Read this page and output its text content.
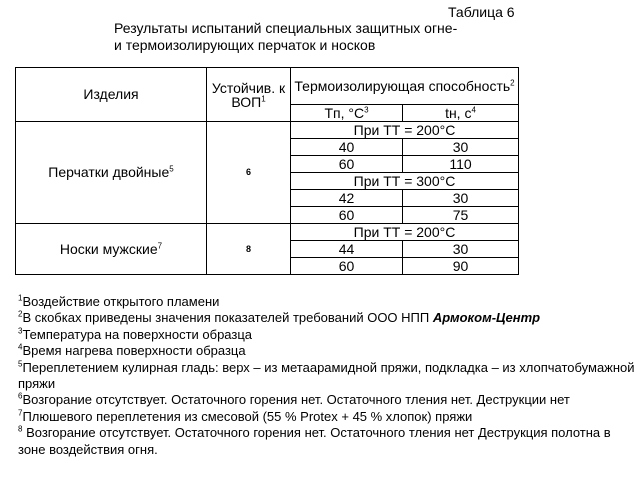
Таблица 6
Результаты испытаний специальных защитных огне-
и термоизолирующих перчаток и носков
Изделия	Устойчив. к ВОП$^1$	Термоизолирующая способность$^2$
		Tп, $^\circ C^3$	tн, $с^4$
Перчатки двойные$^5$	6	При ТТ = 200°С	
		40	30
		60	110
		При ТТ = 300°С	
		42	30
		60	75
Носки мужские$^7$	8	При ТТ = 200°С	
		44	30
		60	90

$^1$Воздействие открытого пламени

$^2$В скобках приведены значения показателей требований ООО НПП Армоком-Центр

$^3$Температура на поверхности образца

$^4$Время нагрева поверхности образца

$^5$Переплетением кулирная гладь: верх – из метаарамидной пряжи, подкладка – из хлопчатобумажной пряжи

$^6$Возгорание отсутствует. Остаточного горения нет. Остаточного тления нет. Деструкции нет

$^7$Плюшевого переплетения из смесовой (55 % Protex + 45 % хлопок) пряжи

$^8$ Возгорание отсутствует. Остаточного горения нет. Остаточного тления нет Деструкция полотна в зоне воздействия огня.
